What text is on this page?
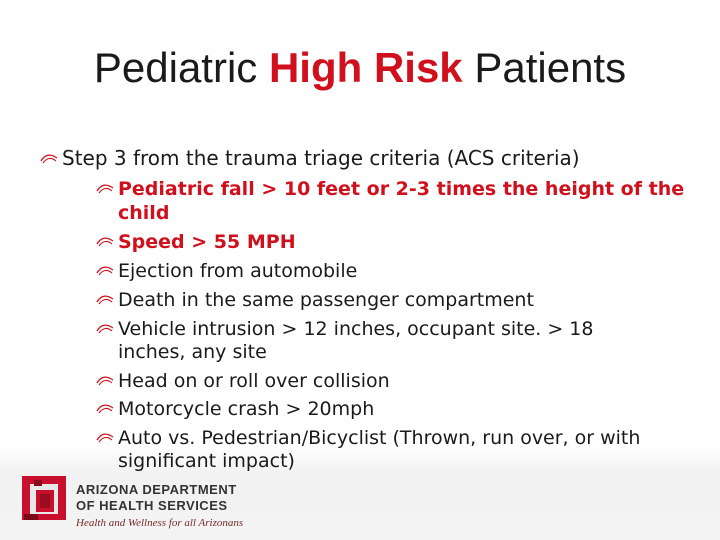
Pediatric High Risk Patients
Step 3 from the trauma triage criteria (ACS criteria)
Pediatric fall > 10 feet or 2-3 times the height of the
child
Speed > 55 MPH
Ejection from automobile
Death in the same passenger compartment
Vehicle intrusion > 12 inches, occupant site. > 18
inches, any site
Head on or roll over collision
Motorcycle crash > 20mph
Auto vs. Pedestrian/Bicyclist (Thrown, run over, or with
significant impact)
ARIZONA DEPARTMENT
OF HEALTH SERVICES
Health and Wellness for all Arizonans
